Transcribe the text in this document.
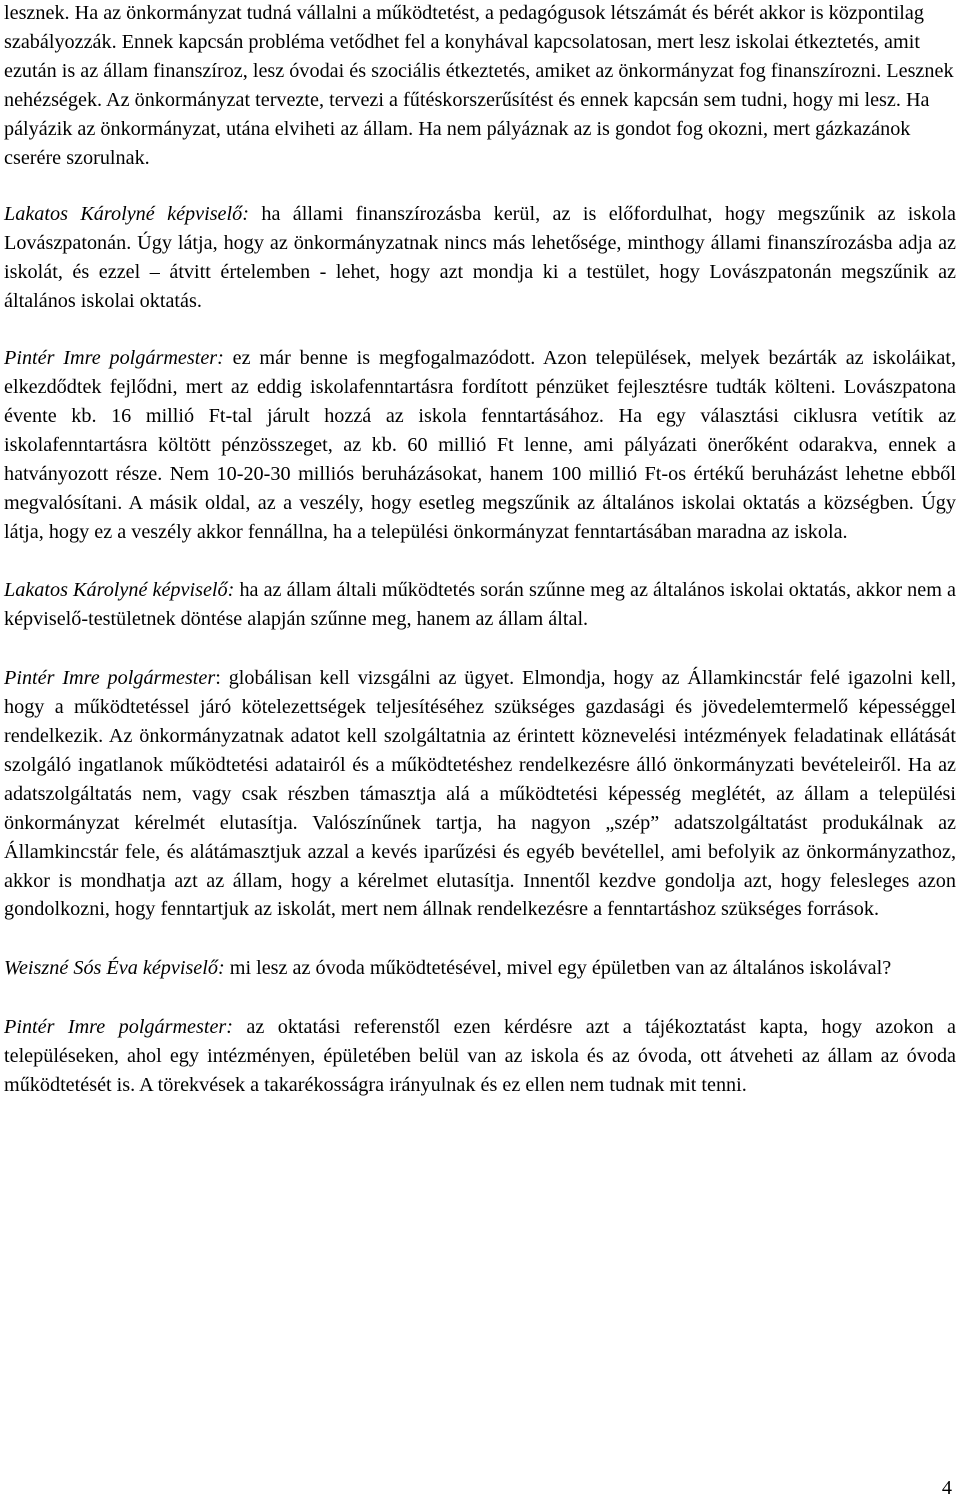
lesznek. Ha az önkormányzat tudná vállalni a működtetést, a pedagógusok létszámát és bérét akkor is központilag szabályozzák. Ennek kapcsán probléma vetődhet fel a konyhával kapcsolatosan, mert lesz iskolai étkeztetés, amit ezután is az állam finanszíroz, lesz óvodai és szociális étkeztetés, amiket az önkormányzat fog finanszírozni. Lesznek nehézségek. Az önkormányzat tervezte, tervezi a fűtéskorszerűsítést és ennek kapcsán sem tudni, hogy mi lesz. Ha pályázik az önkormányzat, utána elviheti az állam. Ha nem pályáznak az is gondot fog okozni, mert gázkazánok cserére szorulnak.

Lakatos Károlyné képviselő: ha állami finanszírozásba kerül, az is előfordulhat, hogy megszűnik az iskola Lovászpatonán. Úgy látja, hogy az önkormányzatnak nincs más lehetősége, minthogy állami finanszírozásba adja az iskolát, és ezzel – átvitt értelemben - lehet, hogy azt mondja ki a testület, hogy Lovászpatonán megszűnik az általános iskolai oktatás.

Pintér Imre polgármester: ez már benne is megfogalmazódott. Azon települések, melyek bezárták az iskoláikat, elkezdődtek fejlődni, mert az eddig iskolafenntartásra fordított pénzüket fejlesztésre tudták költeni. Lovászpatona évente kb. 16 millió Ft-tal járult hozzá az iskola fenntartásához. Ha egy választási ciklusra vetítik az iskolafenntartásra költött pénzösszeget, az kb. 60 millió Ft lenne, ami pályázati önerőként odarakva, ennek a hatványozott része. Nem 10-20-30 milliós beruházásokat, hanem 100 millió Ft-os értékű beruházást lehetne ebből megvalósítani. A másik oldal, az a veszély, hogy esetleg megszűnik az általános iskolai oktatás a községben. Úgy látja, hogy ez a veszély akkor fennállna, ha a települési önkormányzat fenntartásában maradna az iskola.

Lakatos Károlyné képviselő: ha az állam általi működtetés során szűnne meg az általános iskolai oktatás, akkor nem a képviselő-testületnek döntése alapján szűnne meg, hanem az állam által.

Pintér Imre polgármester: globálisan kell vizsgálni az ügyet. Elmondja, hogy az Államkincstár felé igazolni kell, hogy a működtetéssel járó kötelezettségek teljesítéséhez szükséges gazdasági és jövedelemtermelő képességgel rendelkezik. Az önkormányzatnak adatot kell szolgáltatnia az érintett köznevelési intézmények feladatinak ellátását szolgáló ingatlanok működtetési adatairól és a működtetéshez rendelkezésre álló önkormányzati bevételeiről. Ha az adatszolgáltatás nem, vagy csak részben támasztja alá a működtetési képesség meglétét, az állam a települési önkormányzat kérelmét elutasítja. Valószínűnek tartja, ha nagyon „szép” adatszolgáltatást produkálnak az Államkincstár fele, és alátámasztjuk azzal a kevés iparűzési és egyéb bevétellel, ami befolyik az önkormányzathoz, akkor is mondhatja azt az állam, hogy a kérelmet elutasítja. Innentől kezdve gondolja azt, hogy felesleges azon gondolkozni, hogy fenntartjuk az iskolát, mert nem állnak rendelkezésre a fenntartáshoz szükséges források.

Weiszné Sós Éva képviselő: mi lesz az óvoda működtetésével, mivel egy épületben van az általános iskolával?

Pintér Imre polgármester: az oktatási referenstől ezen kérdésre azt a tájékoztatást kapta, hogy azokon a településeken, ahol egy intézményen, épületében belül van az iskola és az óvoda, ott átveheti az állam az óvoda működtetését is. A törekvések a takarékosságra irányulnak és ez ellen nem tudnak mit tenni.

4
